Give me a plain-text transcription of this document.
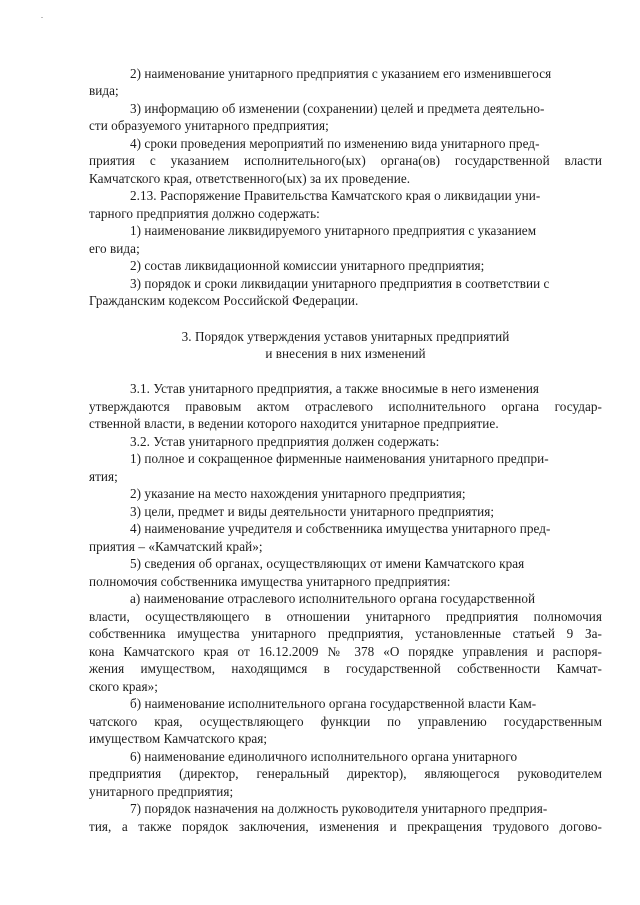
2) наименование унитарного предприятия с указанием его изменившегося
вида;
3) информацию об изменении (сохранении) целей и предмета деятельно-
сти образуемого унитарного предприятия;
4) сроки проведения мероприятий по изменению вида унитарного пред-
приятия с указанием исполнительного(ых) органа(ов) государственной власти
Камчатского края, ответственного(ых) за их проведение.
2.13. Распоряжение Правительства Камчатского края о ликвидации уни-
тарного предприятия должно содержать:
1) наименование ликвидируемого унитарного предприятия с указанием
его вида;
2) состав ликвидационной комиссии унитарного предприятия;
3) порядок и сроки ликвидации унитарного предприятия в соответствии с
Гражданским кодексом Российской Федерации.
3. Порядок утверждения уставов унитарных предприятий
и внесения в них изменений
3.1. Устав унитарного предприятия, а также вносимые в него изменения
утверждаются правовым актом отраслевого исполнительного органа государ-
ственной власти, в ведении которого находится унитарное предприятие.
3.2. Устав унитарного предприятия должен содержать:
1) полное и сокращенное фирменные наименования унитарного предпри-
ятия;
2) указание на место нахождения унитарного предприятия;
3) цели, предмет и виды деятельности унитарного предприятия;
4) наименование учредителя и собственника имущества унитарного пред-
приятия – «Камчатский край»;
5) сведения об органах, осуществляющих от имени Камчатского края
полномочия собственника имущества унитарного предприятия:
а) наименование отраслевого исполнительного органа государственной
власти, осуществляющего в отношении унитарного предприятия полномочия
собственника имущества унитарного предприятия, установленные статьей 9 За-
кона Камчатского края от 16.12.2009 № 378 «О порядке управления и распоря-
жения имуществом, находящимся в государственной собственности Камчат-
ского края»;
б) наименование исполнительного органа государственной власти Кам-
чатского края, осуществляющего функции по управлению государственным
имуществом Камчатского края;
6) наименование единоличного исполнительного органа унитарного
предприятия (директор, генеральный директор), являющегося руководителем
унитарного предприятия;
7) порядок назначения на должность руководителя унитарного предприя-
тия, а также порядок заключения, изменения и прекращения трудового догово-
